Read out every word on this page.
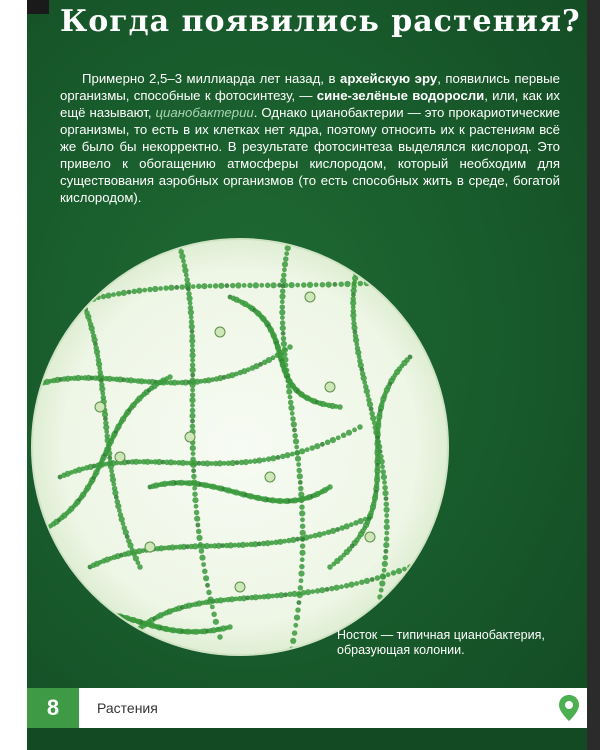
Когда появились растения?

Примерно 2,5–3 миллиарда лет назад, в архейскую эру, появились первые организмы, способные к фотосинтезу, — сине-зелёные водоросли, или, как их ещё называют, цианобактерии. Однако цианобактерии — это прокариотические организмы, то есть в их клетках нет ядра, поэтому относить их к растениям всё же было бы некорректно. В результате фотосинтеза выделялся кислород. Это привело к обогащению атмосферы кислородом, который необходим для существования аэробных организмов (то есть способных жить в среде, богатой кислородом).

Носток — типичная цианобактерия, образующая колонии.

8	Растения
